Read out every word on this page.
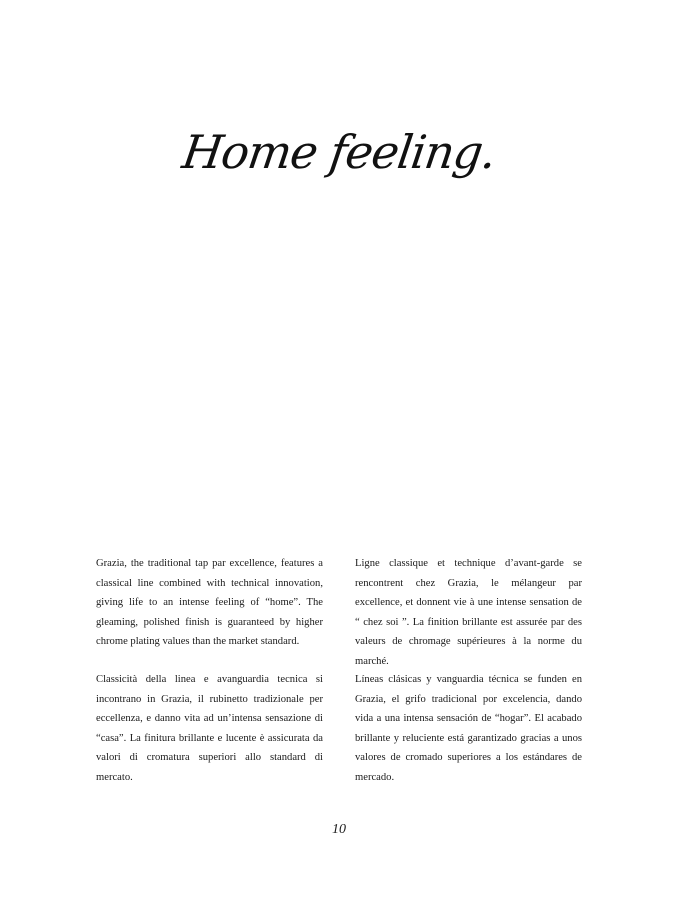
Home feeling.

Grazia, the traditional tap par excellence, features a classical line combined with technical innovation, giving life to an intense feeling of “home”. The gleaming, polished finish is guaranteed by higher chrome plating values than the market standard.

Ligne classique et technique d’avant-garde se rencontrent chez Grazia, le mélangeur par excellence, et donnent vie à une intense sensation de “ chez soi ”. La finition brillante est assurée par des valeurs de chromage supérieures à la norme du marché.

Classicità della linea e avanguardia tecnica si incontrano in Grazia, il rubinetto tradizionale per eccellenza, e danno vita ad un’intensa sensazione di “casa”. La finitura brillante e lucente è assicurata da valori di cromatura superiori allo standard di mercato.

Líneas clásicas y vanguardia técnica se funden en Grazia, el grifo tradicional por excelencia, dando vida a una intensa sensación de “hogar”. El acabado brillante y reluciente está garantizado gracias a unos valores de cromado superiores a los estándares de mercado.

10
